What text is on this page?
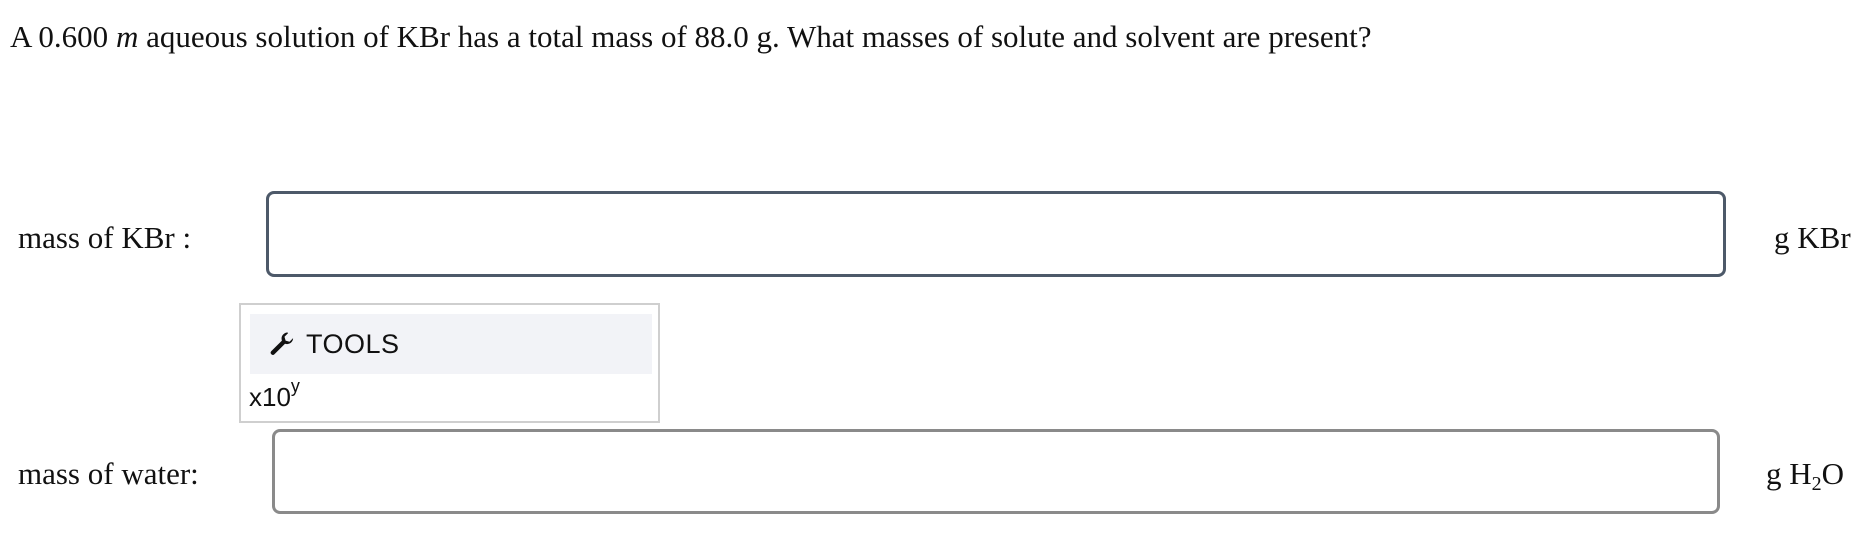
A 0.600 m aqueous solution of KBr has a total mass of 88.0 g. What masses of solute and solvent are present?
mass of KBr :	g KBr
TOOLS
x10$^y$
mass of water:	g $H_2O$
